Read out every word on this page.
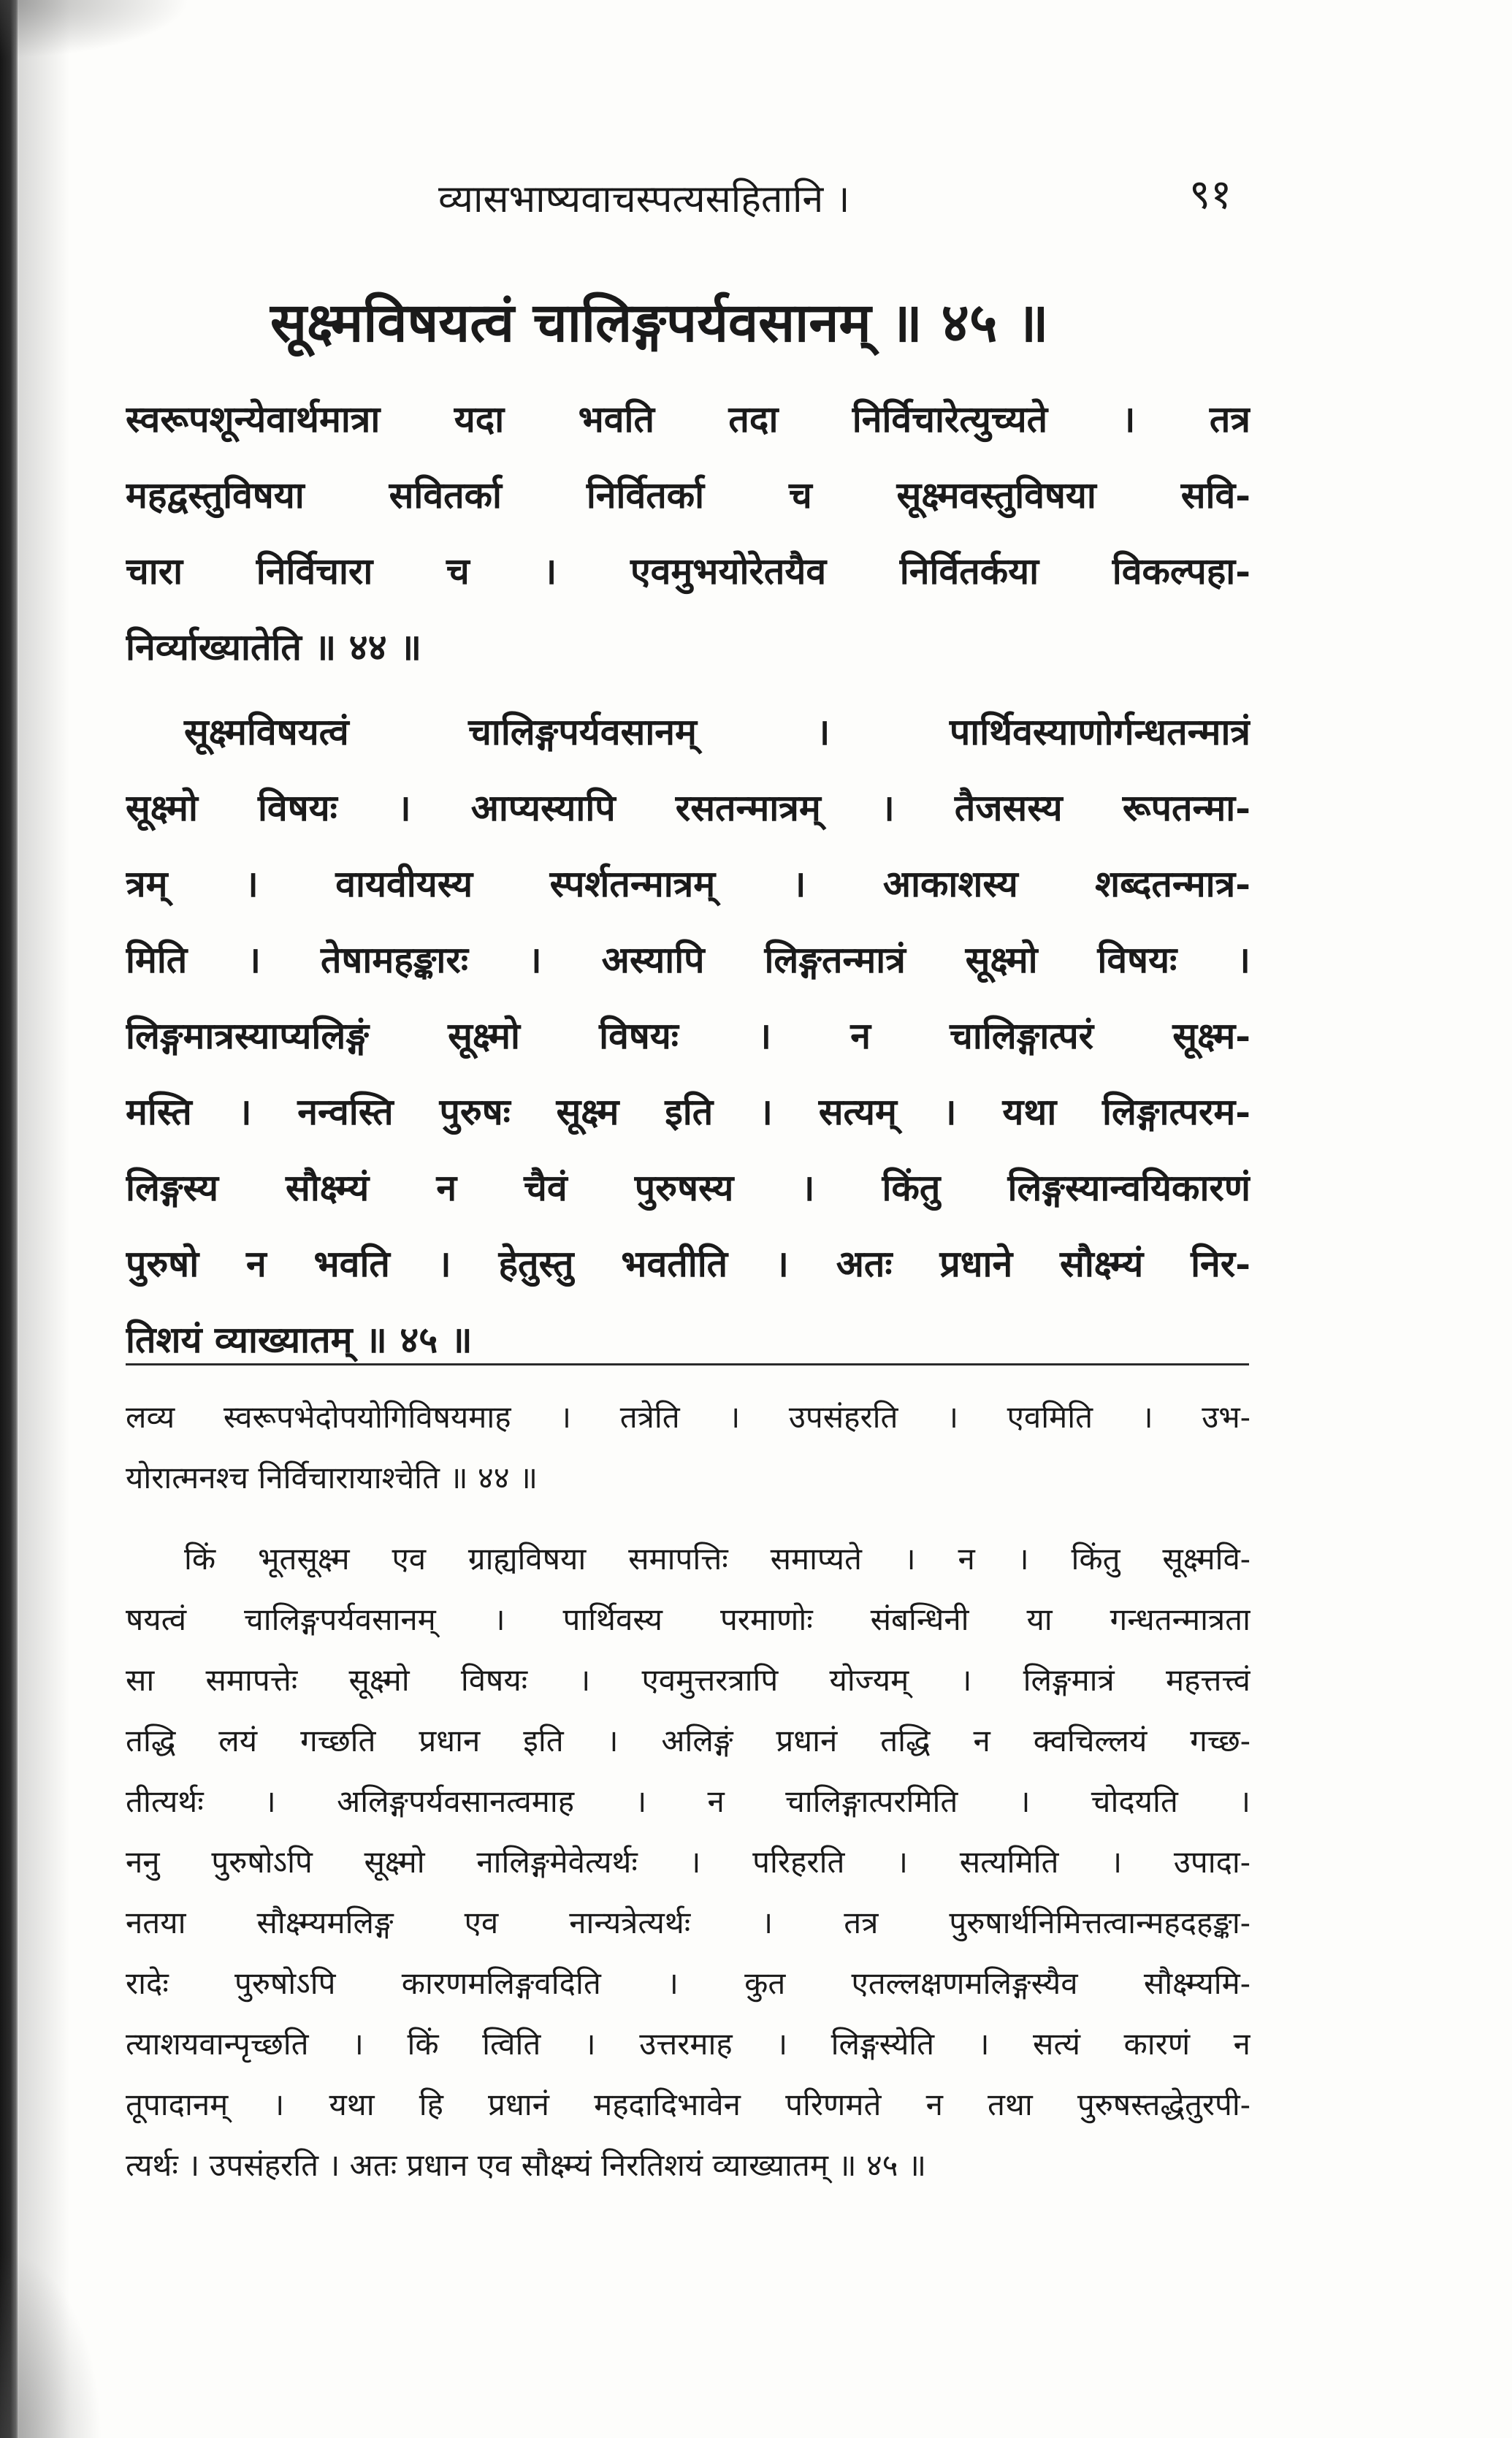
व्यासभाष्यवाचस्पत्यसहितानि ।	९१
सूक्ष्मविषयत्वं चालिङ्गपर्यवसानम् ॥ ४५ ॥
स्वरूपशून्येवार्थमात्रा यदा भवति तदा निर्विचारेत्युच्यते । तत्र
महद्वस्तुविषया सवितर्का निर्वितर्का च सूक्ष्मवस्तुविषया सवि-
चारा निर्विचारा च । एवमुभयोरेतयैव निर्वितर्कया विकल्पहा-
निर्व्याख्यातेति ॥ ४४ ॥
सूक्ष्मविषयत्वं चालिङ्गपर्यवसानम् । पार्थिवस्याणोर्गन्धतन्मात्रं
सूक्ष्मो विषयः । आप्यस्यापि रसतन्मात्रम् । तैजसस्य रूपतन्मा-
त्रम् । वायवीयस्य स्पर्शतन्मात्रम् । आकाशस्य शब्दतन्मात्र-
मिति । तेषामहङ्कारः । अस्यापि लिङ्गतन्मात्रं सूक्ष्मो विषयः ।
लिङ्गमात्रस्याप्यलिङ्गं सूक्ष्मो विषयः । न चालिङ्गात्परं सूक्ष्म-
मस्ति । नन्वस्ति पुरुषः सूक्ष्म इति । सत्यम् । यथा लिङ्गात्परम-
लिङ्गस्य सौक्ष्म्यं न चैवं पुरुषस्य । किंतु लिङ्गस्यान्वयिकारणं
पुरुषो न भवति । हेतुस्तु भवतीति । अतः प्रधाने सौक्ष्म्यं निर-
तिशयं व्याख्यातम् ॥ ४५ ॥
लव्य स्वरूपभेदोपयोगिविषयमाह । तत्रेति । उपसंहरति । एवमिति । उभ-
योरात्मनश्च निर्विचारायाश्चेति ॥ ४४ ॥
किं भूतसूक्ष्म एव ग्राह्यविषया समापत्तिः समाप्यते । न । किंतु सूक्ष्मवि-
षयत्वं चालिङ्गपर्यवसानम् । पार्थिवस्य परमाणोः संबन्धिनी या गन्धतन्मात्रता
सा समापत्तेः सूक्ष्मो विषयः । एवमुत्तरत्रापि योज्यम् । लिङ्गमात्रं महत्तत्त्वं
तद्धि लयं गच्छति प्रधान इति । अलिङ्गं प्रधानं तद्धि न क्वचिल्लयं गच्छ-
तीत्यर्थः । अलिङ्गपर्यवसानत्वमाह । न चालिङ्गात्परमिति । चोदयति ।
ननु पुरुषोऽपि सूक्ष्मो नालिङ्गमेवेत्यर्थः । परिहरति । सत्यमिति । उपादा-
नतया सौक्ष्म्यमलिङ्ग एव नान्यत्रेत्यर्थः । तत्र पुरुषार्थनिमित्तत्वान्महदहङ्का-
रादेः पुरुषोऽपि कारणमलिङ्गवदिति । कुत एतल्लक्षणमलिङ्गस्यैव सौक्ष्म्यमि-
त्याशयवान्पृच्छति । किं त्विति । उत्तरमाह । लिङ्गस्येति । सत्यं कारणं न
तूपादानम् । यथा हि प्रधानं महदादिभावेन परिणमते न तथा पुरुषस्तद्धेतुरपी-
त्यर्थः । उपसंहरति । अतः प्रधान एव सौक्ष्म्यं निरतिशयं व्याख्यातम् ॥ ४५ ॥
